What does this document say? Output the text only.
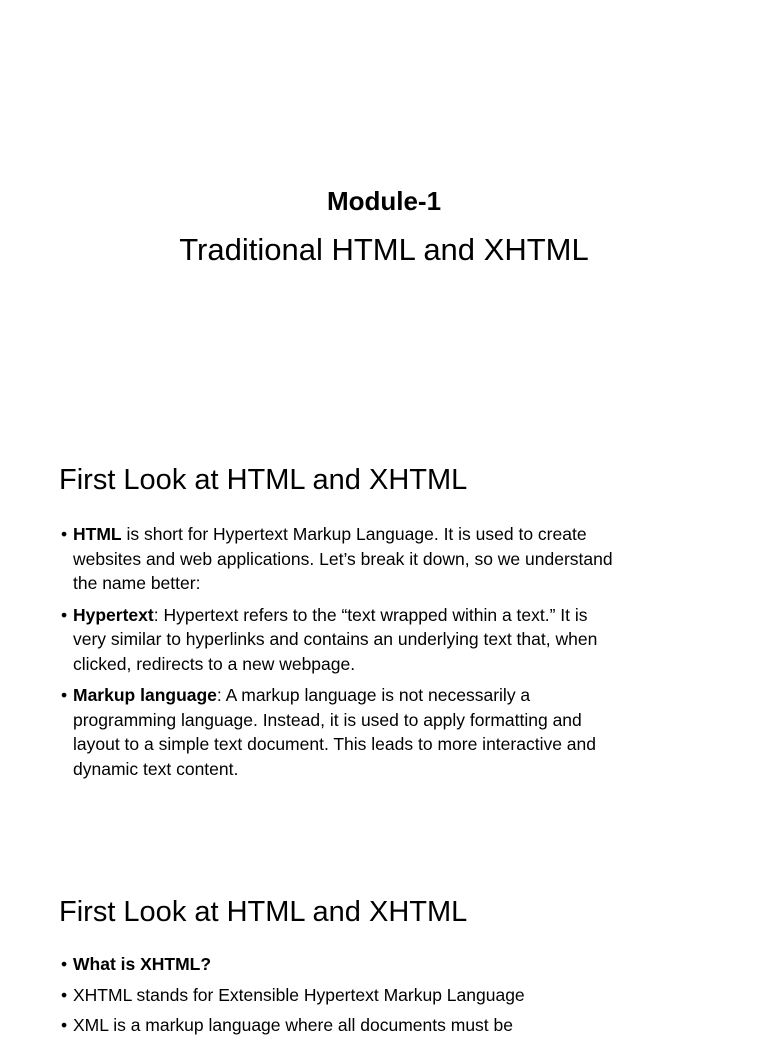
Module-1
Traditional HTML and XHTML
First Look at HTML and XHTML
• HTML is short for Hypertext Markup Language. It is used to create websites and web applications. Let’s break it down, so we understand the name better:
• Hypertext: Hypertext refers to the “text wrapped within a text.” It is very similar to hyperlinks and contains an underlying text that, when clicked, redirects to a new webpage.
• Markup language: A markup language is not necessarily a programming language. Instead, it is used to apply formatting and layout to a simple text document. This leads to more interactive and dynamic text content.
First Look at HTML and XHTML
• What is XHTML?
• XHTML stands for Extensible Hypertext Markup Language
• XML is a markup language where all documents must be
